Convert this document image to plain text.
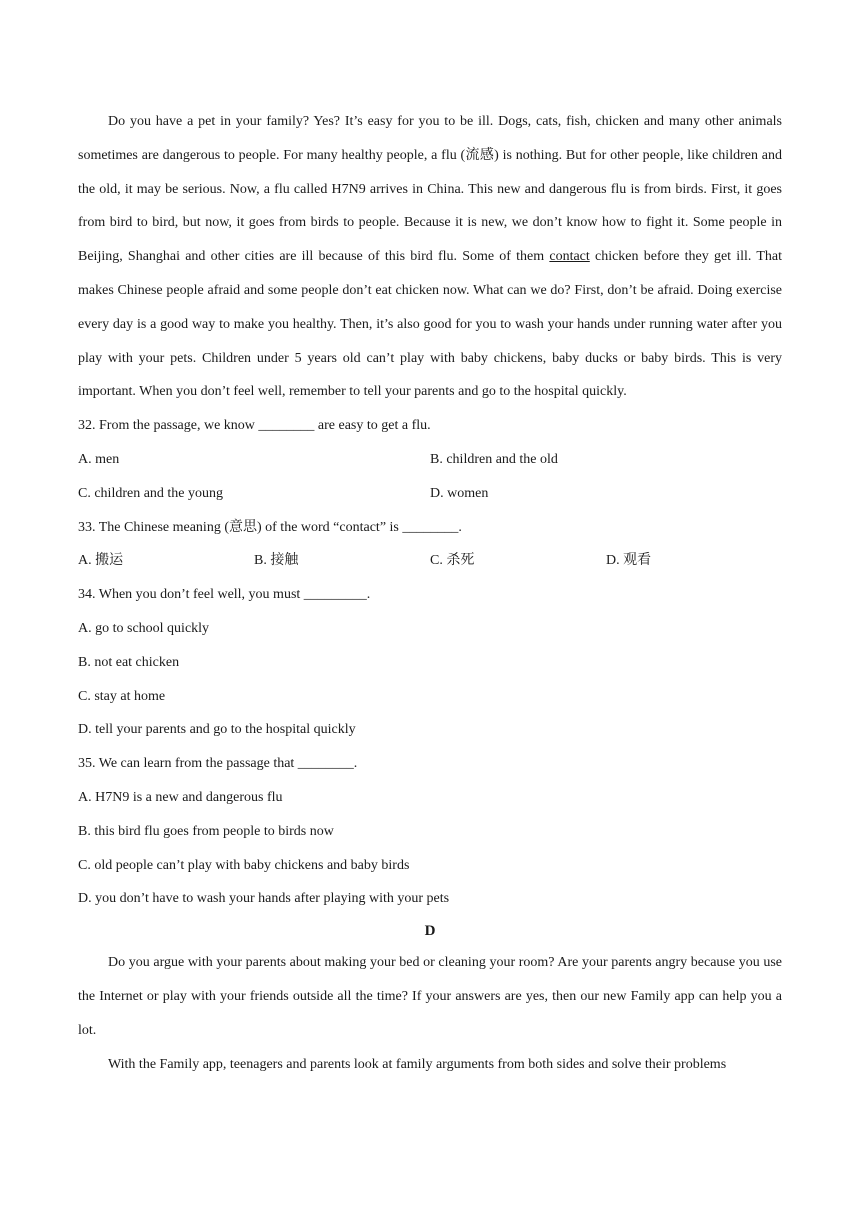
Do you have a pet in your family? Yes? It’s easy for you to be ill. Dogs, cats, fish, chicken and many other animals sometimes are dangerous to people. For many healthy people, a flu (流感) is nothing. But for other people, like children and the old, it may be serious. Now, a flu called H7N9 arrives in China. This new and dangerous flu is from birds. First, it goes from bird to bird, but now, it goes from birds to people. Because it is new, we don’t know how to fight it. Some people in Beijing, Shanghai and other cities are ill because of this bird flu. Some of them contact chicken before they get ill. That makes Chinese people afraid and some people don’t eat chicken now. What can we do? First, don’t be afraid. Doing exercise every day is a good way to make you healthy. Then, it’s also good for you to wash your hands under running water after you play with your pets. Children under 5 years old can’t play with baby chickens, baby ducks or baby birds. This is very important. When you don’t feel well, remember to tell your parents and go to the hospital quickly.

32. From the passage, we know ________ are easy to get a flu.
A. men	B. children and the old
C. children and the young	D. women
33. The Chinese meaning (意思) of the word “contact” is ________.
A. 搬运	B. 接触	C. 杀死	D. 观看
34. When you don’t feel well, you must _________.
A. go to school quickly
B. not eat chicken
C. stay at home
D. tell your parents and go to the hospital quickly
35. We can learn from the passage that ________.
A. H7N9 is a new and dangerous flu
B. this bird flu goes from people to birds now
C. old people can’t play with baby chickens and baby birds
D. you don’t have to wash your hands after playing with your pets
D

Do you argue with your parents about making your bed or cleaning your room? Are your parents angry because you use the Internet or play with your friends outside all the time? If your answers are yes, then our new Family app can help you a lot.

With the Family app, teenagers and parents look at family arguments from both sides and solve their problems
